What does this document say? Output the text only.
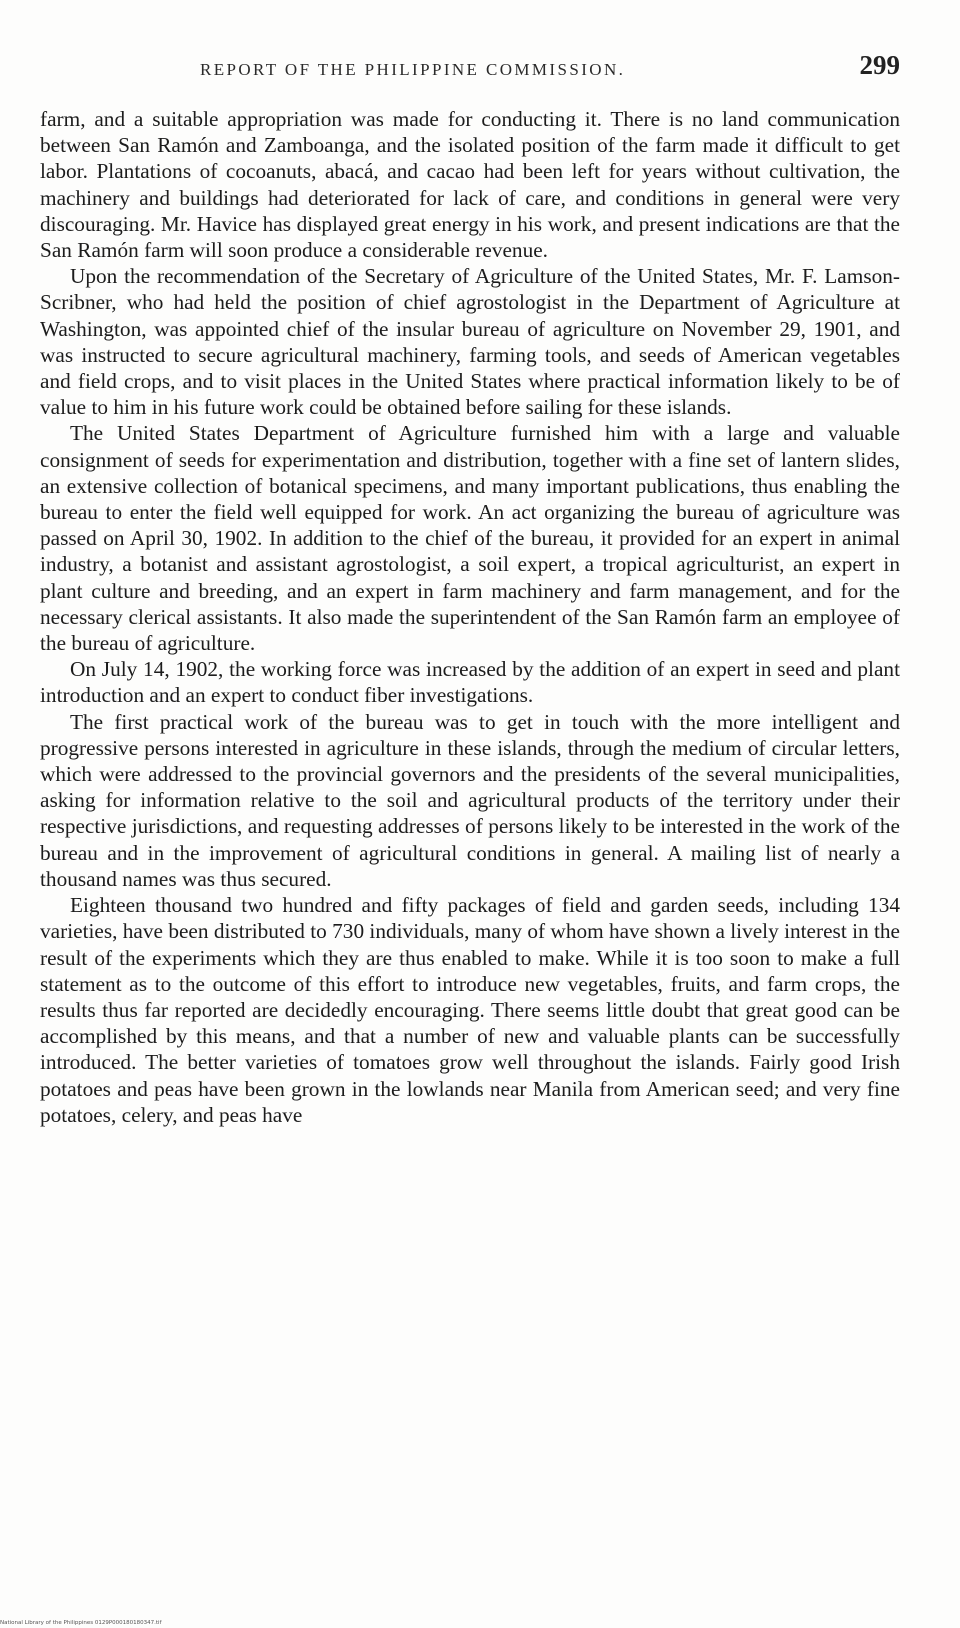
REPORT OF THE PHILIPPINE COMMISSION.	299

farm, and a suitable appropriation was made for conducting it. There is no land communication between San Ramón and Zamboanga, and the isolated position of the farm made it difficult to get labor. Plantations of cocoanuts, abacá, and cacao had been left for years without cultivation, the machinery and buildings had deteriorated for lack of care, and conditions in general were very discouraging. Mr. Havice has displayed great energy in his work, and present indications are that the San Ramón farm will soon produce a considerable revenue.

Upon the recommendation of the Secretary of Agriculture of the United States, Mr. F. Lamson-Scribner, who had held the position of chief agrostologist in the Department of Agriculture at Washington, was appointed chief of the insular bureau of agriculture on November 29, 1901, and was instructed to secure agricultural machinery, farming tools, and seeds of American vegetables and field crops, and to visit places in the United States where practical information likely to be of value to him in his future work could be obtained before sailing for these islands.

The United States Department of Agriculture furnished him with a large and valuable consignment of seeds for experimentation and distribution, together with a fine set of lantern slides, an extensive collection of botanical specimens, and many important publications, thus enabling the bureau to enter the field well equipped for work. An act organizing the bureau of agriculture was passed on April 30, 1902. In addition to the chief of the bureau, it provided for an expert in animal industry, a botanist and assistant agrostologist, a soil expert, a tropical agriculturist, an expert in plant culture and breeding, and an expert in farm machinery and farm management, and for the necessary clerical assistants. It also made the superintendent of the San Ramón farm an employee of the bureau of agriculture.

On July 14, 1902, the working force was increased by the addition of an expert in seed and plant introduction and an expert to conduct fiber investigations.

The first practical work of the bureau was to get in touch with the more intelligent and progressive persons interested in agriculture in these islands, through the medium of circular letters, which were addressed to the provincial governors and the presidents of the several municipalities, asking for information relative to the soil and agricultural products of the territory under their respective jurisdictions, and requesting addresses of persons likely to be interested in the work of the bureau and in the improvement of agricultural conditions in general. A mailing list of nearly a thousand names was thus secured.

Eighteen thousand two hundred and fifty packages of field and garden seeds, including 134 varieties, have been distributed to 730 individuals, many of whom have shown a lively interest in the result of the experiments which they are thus enabled to make. While it is too soon to make a full statement as to the outcome of this effort to introduce new vegetables, fruits, and farm crops, the results thus far reported are decidedly encouraging. There seems little doubt that great good can be accomplished by this means, and that a number of new and valuable plants can be successfully introduced. The better varieties of tomatoes grow well throughout the islands. Fairly good Irish potatoes and peas have been grown in the lowlands near Manila from American seed; and very fine potatoes, celery, and peas have

National Library of the Philippines 0129P000180180347.tif
